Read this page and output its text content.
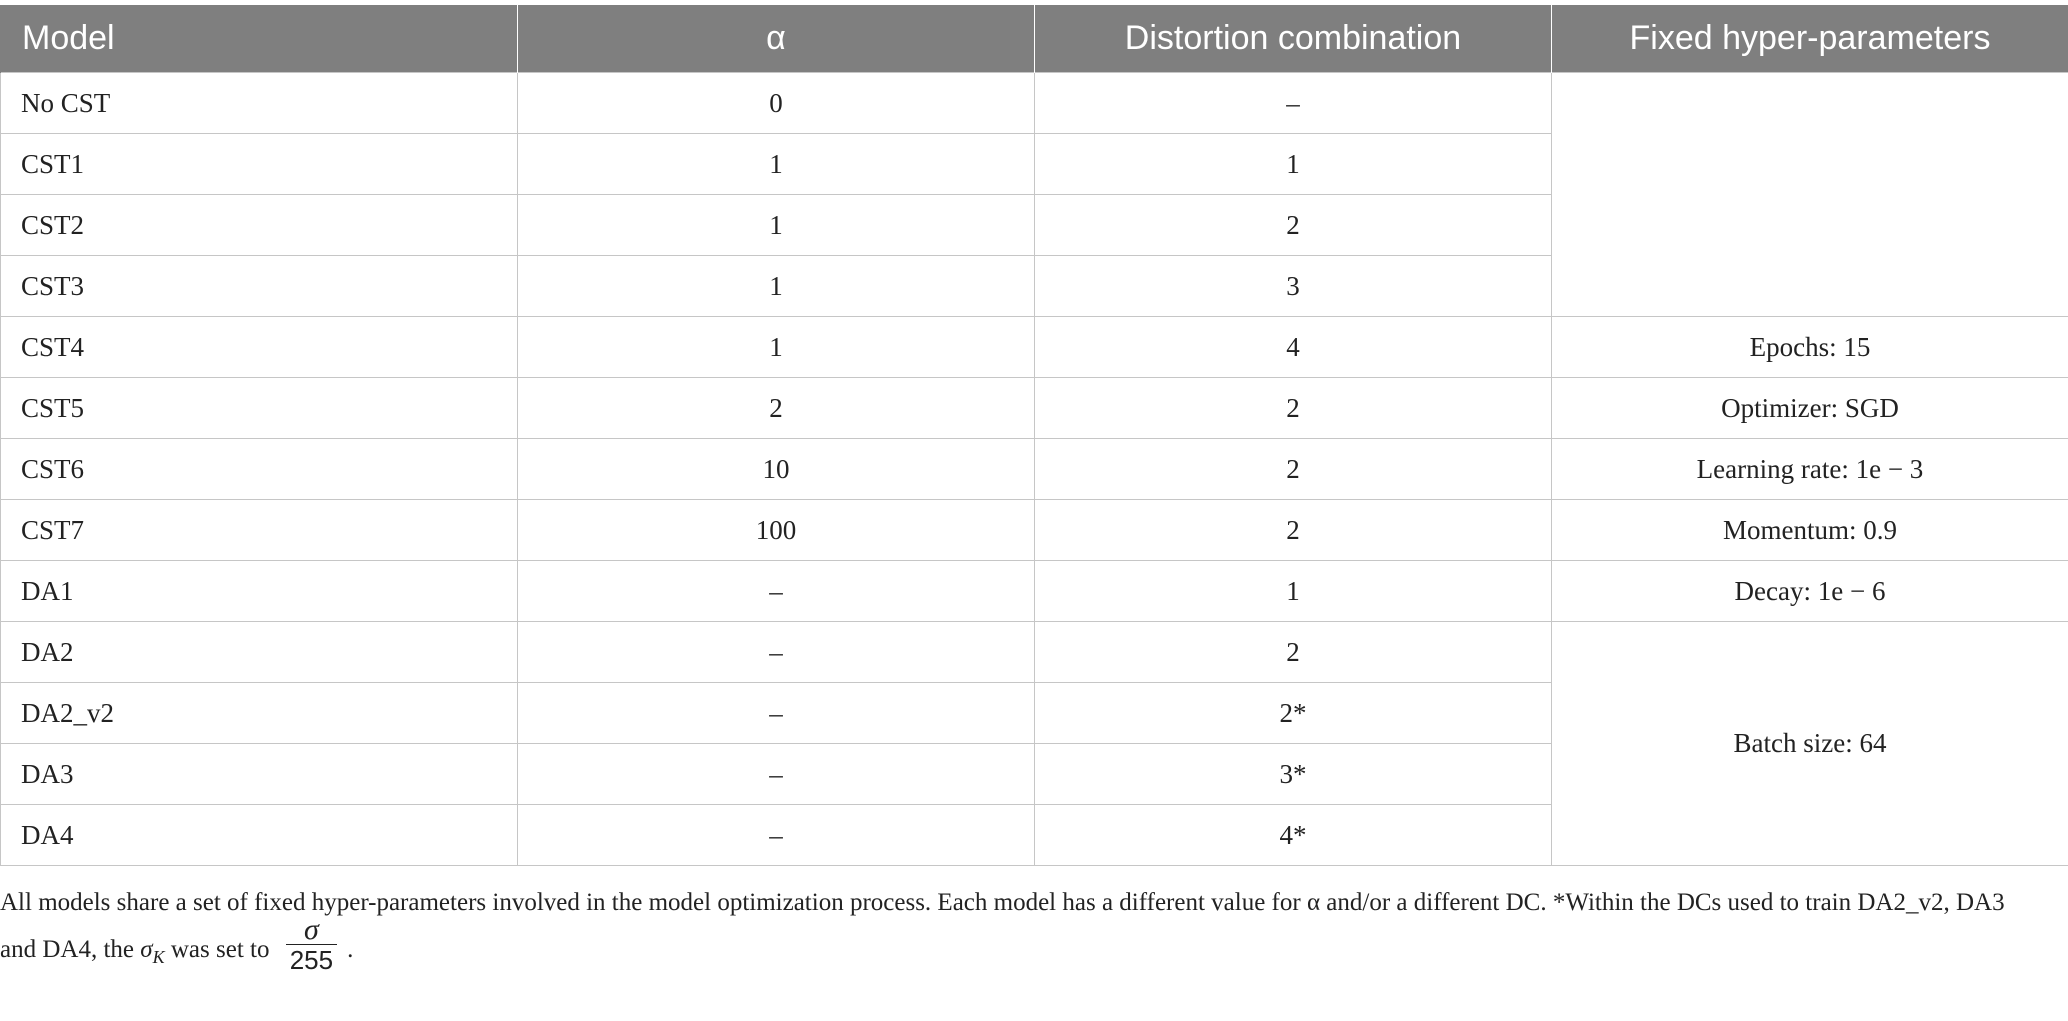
Model	α	Distortion combination	Fixed hyper-parameters
No CST	0	–	
CST1	1	1	
CST2	1	2	
CST3	1	3	
CST4	1	4	Epochs: 15
CST5	2	2	Optimizer: SGD
CST6	10	2	Learning rate: 1e − 3
CST7	100	2	Momentum: 0.9
DA1	–	1	Decay: 1e − 6
DA2	–	2	Batch size: 64
DA2_v2	–	2*	
DA3	–	3*	
DA4	–	4*	
All models share a set of fixed hyper-parameters involved in the model optimization process. Each model has a different value for α and/or a different DC. *Within the DCs used to train DA2_v2, DA3 and DA4, the $\sigma_K$ was set to $\frac{\sigma}{255}$ .
